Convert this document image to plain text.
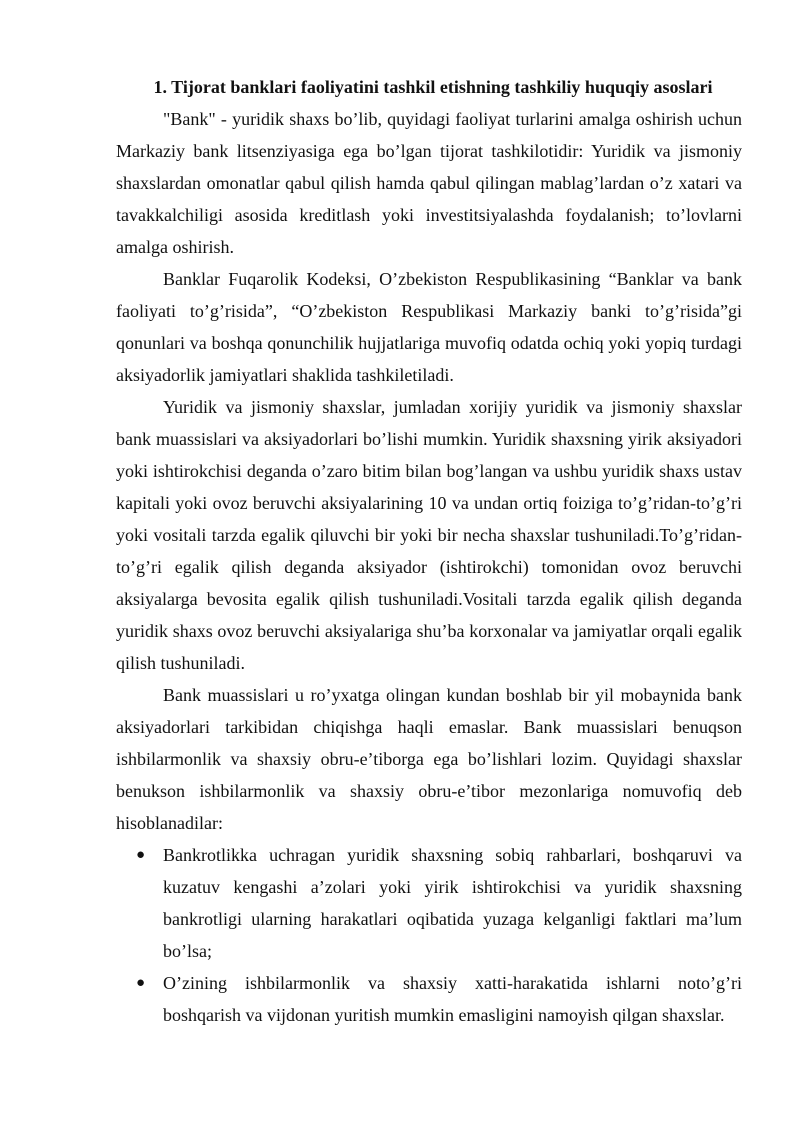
1. Tijorat banklari faoliyatini tashkil etishning tashkiliy huquqiy asoslari

"Bank" - yuridik shaxs bo’lib, quyidagi faoliyat turlarini amalga oshirish uchun Markaziy bank litsenziyasiga ega bo’lgan tijorat tashkilotidir: Yuridik va jismoniy shaxslardan omonatlar qabul qilish hamda qabul qilingan mablag’lardan o’z xatari va tavakkalchiligi asosida kreditlash yoki investitsiyalashda foydalanish; to’lovlarni amalga oshirish.

Banklar Fuqarolik Kodeksi, O’zbekiston Respublikasining “Banklar va bank faoliyati to’g’risida”, “O’zbekiston Respublikasi Markaziy banki to’g’risida”gi qonunlari va boshqa qonunchilik hujjatlariga muvofiq odatda ochiq yoki yopiq turdagi aksiyadorlik jamiyatlari shaklida tashkiletiladi.

Yuridik va jismoniy shaxslar, jumladan xorijiy yuridik va jismoniy shaxslar bank muassislari va aksiyadorlari bo’lishi mumkin. Yuridik shaxsning yirik aksiyadori yoki ishtirokchisi deganda o’zaro bitim bilan bog’langan va ushbu yuridik shaxs ustav kapitali yoki ovoz beruvchi aksiyalarining 10 va undan ortiq foiziga to’g’ridan-to’g’ri yoki vositali tarzda egalik qiluvchi bir yoki bir necha shaxslar tushuniladi.To’g’ridan-to’g’ri egalik qilish deganda aksiyador (ishtirokchi) tomonidan ovoz beruvchi aksiyalarga bevosita egalik qilish tushuniladi.Vositali tarzda egalik qilish deganda yuridik shaxs ovoz beruvchi aksiyalariga shu’ba korxonalar va jamiyatlar orqali egalik qilish tushuniladi.

Bank muassislari u ro’yxatga olingan kundan boshlab bir yil mobaynida bank aksiyadorlari tarkibidan chiqishga haqli emaslar. Bank muassislari benuqson ishbilarmonlik va shaxsiy obru-e’tiborga ega bo’lishlari lozim. Quyidagi shaxslar benukson ishbilarmonlik va shaxsiy obru-e’tibor mezonlariga nomuvofiq deb hisoblanadilar:

● Bankrotlikka uchragan yuridik shaxsning sobiq rahbarlari, boshqaruvi va kuzatuv kengashi a’zolari yoki yirik ishtirokchisi va yuridik shaxsning bankrotligi ularning harakatlari oqibatida yuzaga kelganligi faktlari ma’lum bo’lsa;
● O’zining ishbilarmonlik va shaxsiy xatti-harakatida ishlarni noto’g’ri boshqarish va vijdonan yuritish mumkin emasligini namoyish qilgan shaxslar.
